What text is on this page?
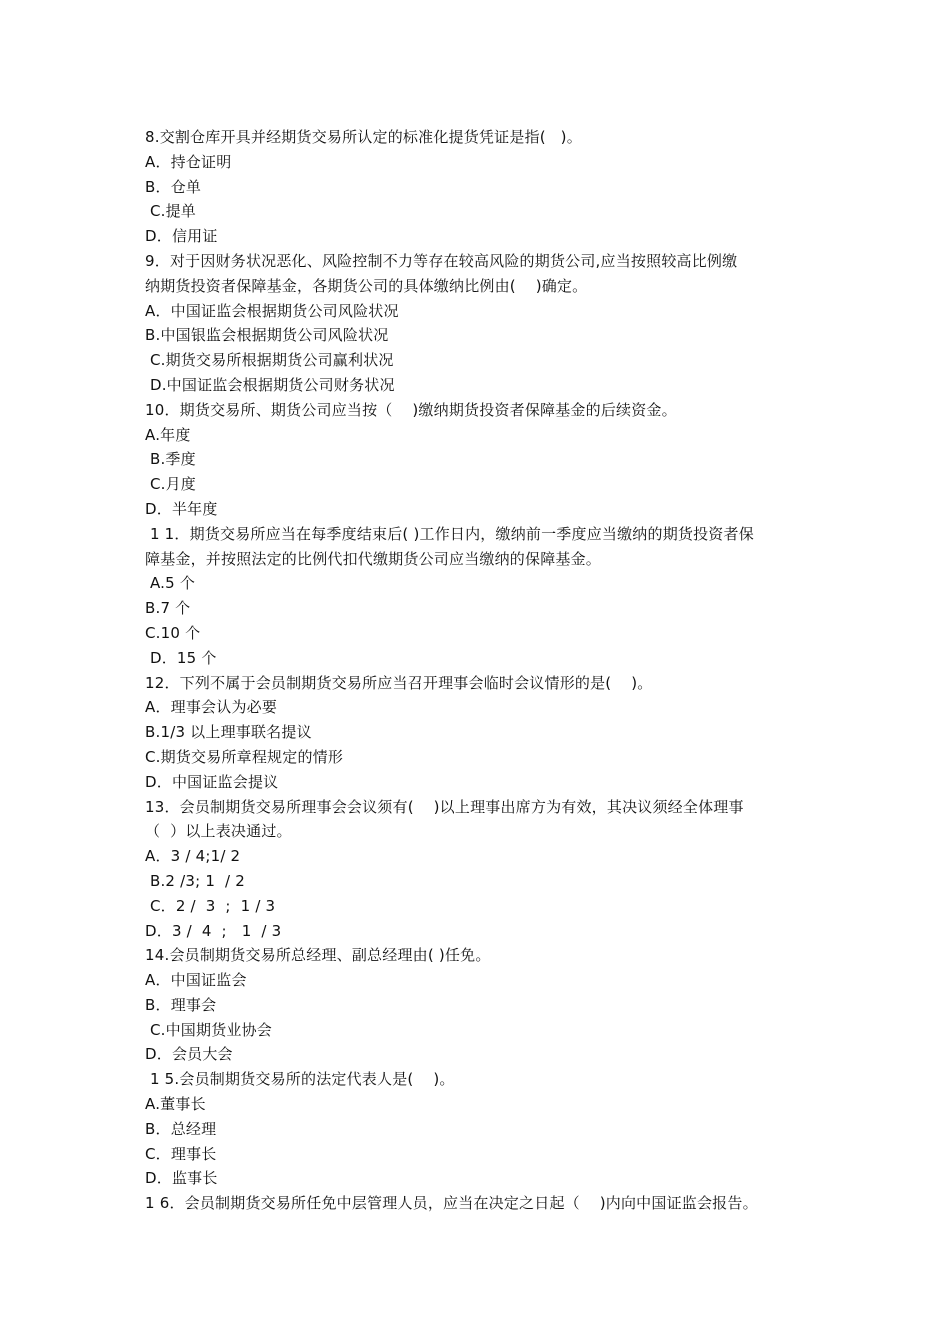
8.交割仓库开具并经期货交易所认定的标准化提货凭证是指(   )。
A．持仓证明
B．仓单
C.提单
D．信用证
9．对于因财务状况恶化、风险控制不力等存在较高风险的期货公司,应当按照较高比例缴
纳期货投资者保障基金，各期货公司的具体缴纳比例由(    )确定。
A．中国证监会根据期货公司风险状况
B.中国银监会根据期货公司风险状况
C.期货交易所根据期货公司赢利状况
D.中国证监会根据期货公司财务状况
10．期货交易所、期货公司应当按（    )缴纳期货投资者保障基金的后续资金。
A.年度
B.季度
C.月度
D．半年度
1 1．期货交易所应当在每季度结束后( )工作日内，缴纳前一季度应当缴纳的期货投资者保
障基金，并按照法定的比例代扣代缴期货公司应当缴纳的保障基金。
A.5 个
B.7 个
C.10 个
D．15 个
12．下列不属于会员制期货交易所应当召开理事会临时会议情形的是(    )。
A．理事会认为必要
B.1/3 以上理事联名提议
C.期货交易所章程规定的情形
D．中国证监会提议
13．会员制期货交易所理事会会议须有(    )以上理事出席方为有效，其决议须经全体理事
（  ）以上表决通过。
A．3 / 4;1/ 2
B.2 /3; 1  / 2
C．2 /  3  ;  1 / 3
D．3 /  4  ;   1  / 3
14.会员制期货交易所总经理、副总经理由( )任免。
A．中国证监会
B．理事会
C.中国期货业协会
D．会员大会
1 5.会员制期货交易所的法定代表人是(    )。
A.董事长
B．总经理
C．理事长
D．监事长
1 6．会员制期货交易所任免中层管理人员，应当在决定之日起（    )内向中国证监会报告。
